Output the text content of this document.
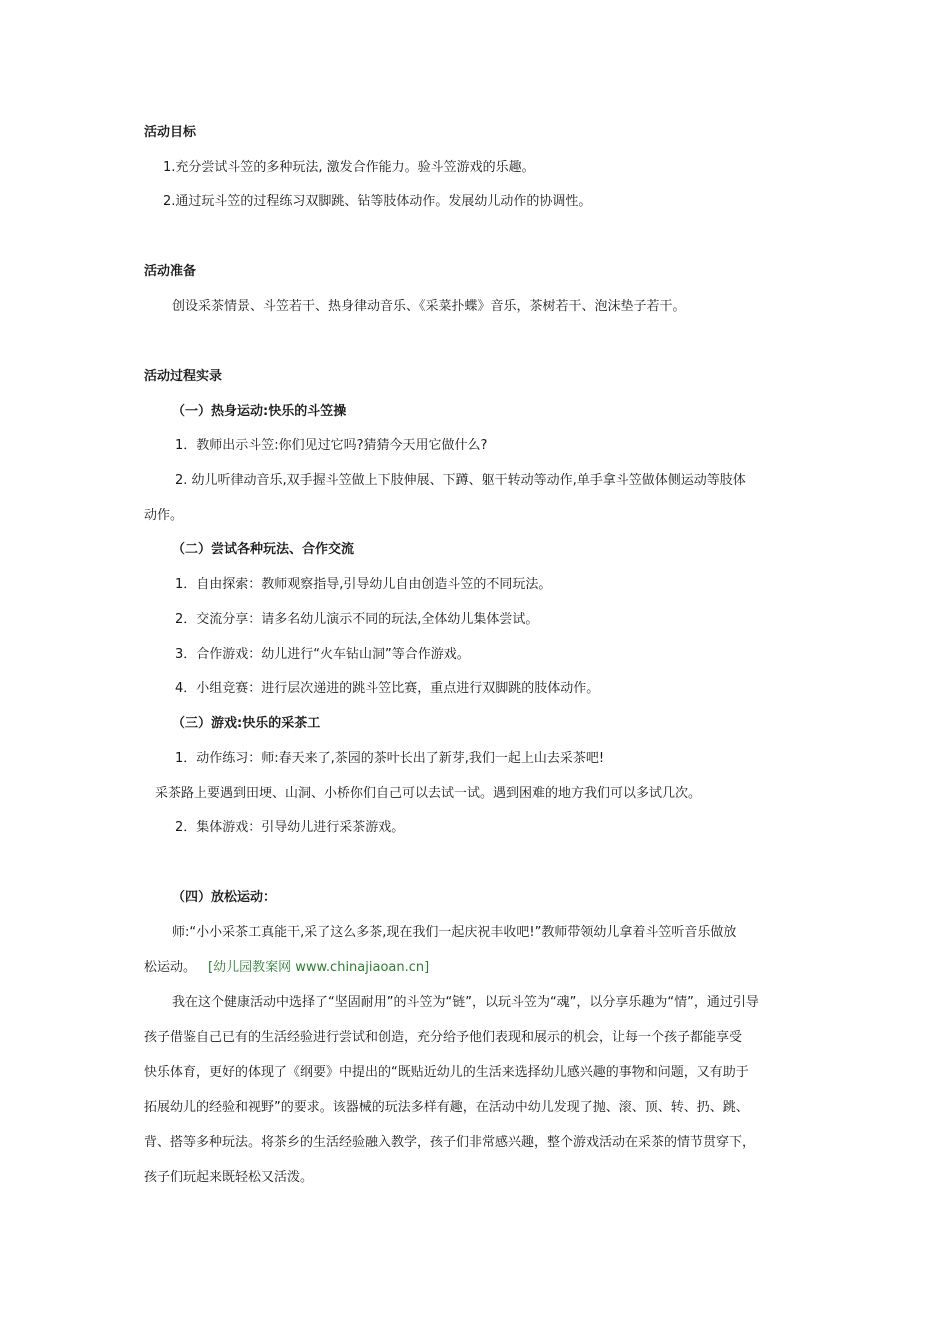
活动目标
1.充分尝试斗笠的多种玩法, 激发合作能力。验斗笠游戏的乐趣。
2.通过玩斗笠的过程练习双脚跳、钻等肢体动作。发展幼儿动作的协调性。
活动准备
创设采茶情景、斗笠若干、热身律动音乐、《采菜扑蝶》音乐，茶树若干、泡沫垫子若干。
活动过程实录
（一）热身运动:快乐的斗笠操
1．教师出示斗笠:你们见过它吗?猜猜今天用它做什么?
2. 幼儿听律动音乐,双手握斗笠做上下肢伸展、下蹲、躯干转动等动作,单手拿斗笠做体侧运动等肢体
动作。
（二）尝试各种玩法、合作交流
1．自由探索：教师观察指导,引导幼儿自由创造斗笠的不同玩法。
2．交流分享：请多名幼儿演示不同的玩法,全体幼儿集体尝试。
3．合作游戏：幼儿进行“火车钻山洞”等合作游戏。
4．小组竞赛：进行层次递进的跳斗笠比赛，重点进行双脚跳的肢体动作。
（三）游戏:快乐的采茶工
1．动作练习：师:春天来了,茶园的茶叶长出了新芽,我们一起上山去采茶吧!
采茶路上要遇到田埂、山洞、小桥你们自己可以去试一试。遇到困难的地方我们可以多试几次。
2．集体游戏：引导幼儿进行采茶游戏。
（四）放松运动：
师:“小小采茶工真能干,采了这么多茶,现在我们一起庆祝丰收吧!”教师带领幼儿拿着斗笠听音乐做放
松运动。 [幼儿园教案网 www.chinajiaoan.cn]
我在这个健康活动中选择了“坚固耐用”的斗笠为“链”，以玩斗笠为“魂”，以分享乐趣为“情”，通过引导
孩子借鉴自己已有的生活经验进行尝试和创造，充分给予他们表现和展示的机会，让每一个孩子都能享受
快乐体育，更好的体现了《纲要》中提出的“既贴近幼儿的生活来选择幼儿感兴趣的事物和问题，又有助于
拓展幼儿的经验和视野”的要求。该器械的玩法多样有趣，在活动中幼儿发现了抛、滚、顶、转、扔、跳、
背、搭等多种玩法。将茶乡的生活经验融入教学，孩子们非常感兴趣，整个游戏活动在采茶的情节贯穿下，
孩子们玩起来既轻松又活泼。
